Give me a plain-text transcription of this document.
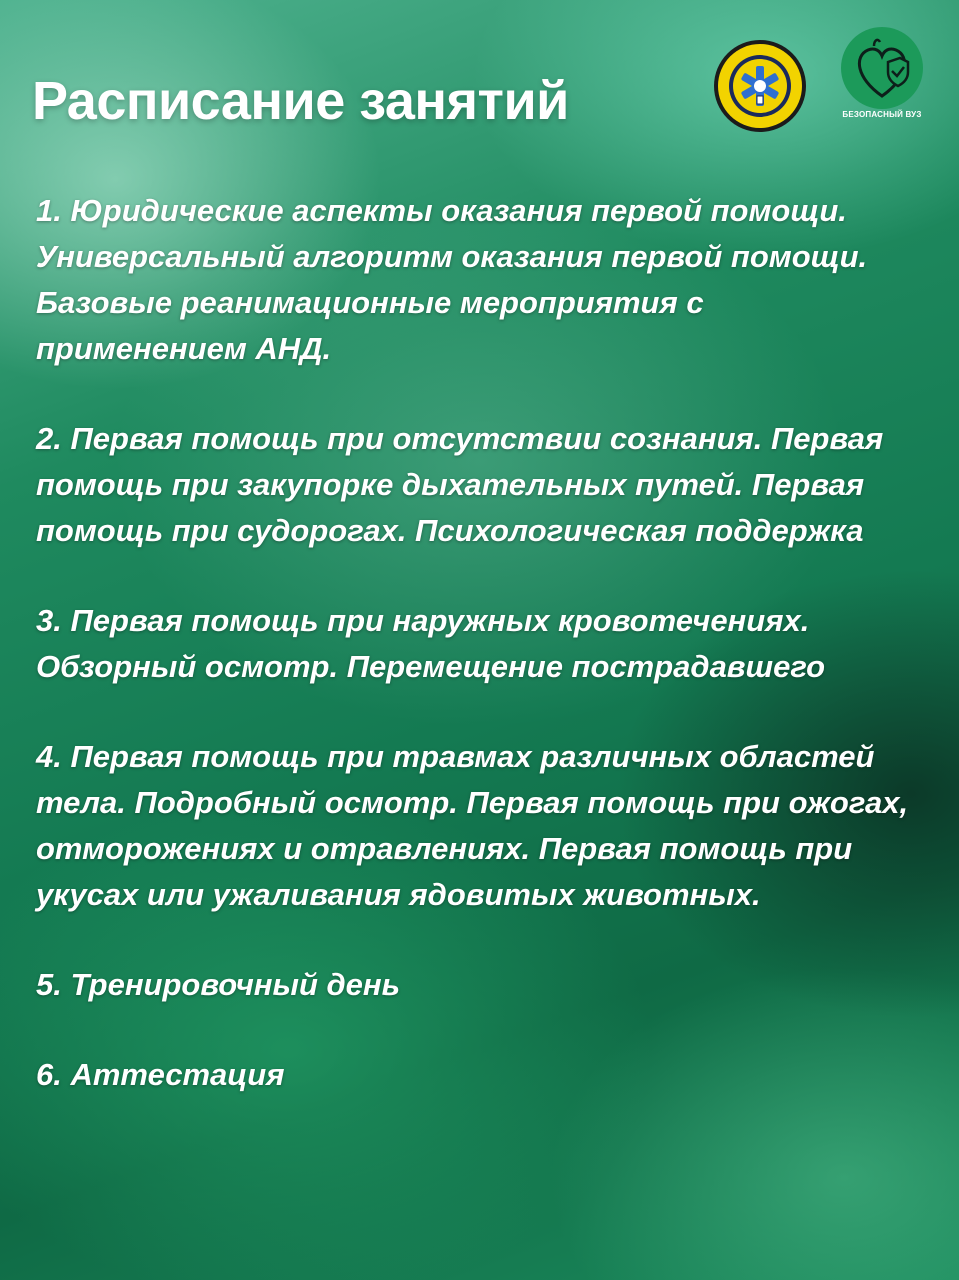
Расписание занятий	БЕЗОПАСНЫЙ ВУЗ
1. Юридические аспекты оказания первой помощи. Универсальный алгоритм оказания первой помощи. Базовые реанимационные мероприятия с применением АНД.
2. Первая помощь при отсутствии сознания. Первая помощь при закупорке дыхательных путей. Первая помощь при судорогах. Психологическая поддержка
3. Первая помощь при наружных кровотечениях. Обзорный осмотр. Перемещение пострадавшего
4. Первая помощь при травмах различных областей тела. Подробный осмотр. Первая помощь при ожогах, отморожениях и отравлениях. Первая помощь при укусах или ужаливания ядовитых животных.
5. Тренировочный день
6. Аттестация
